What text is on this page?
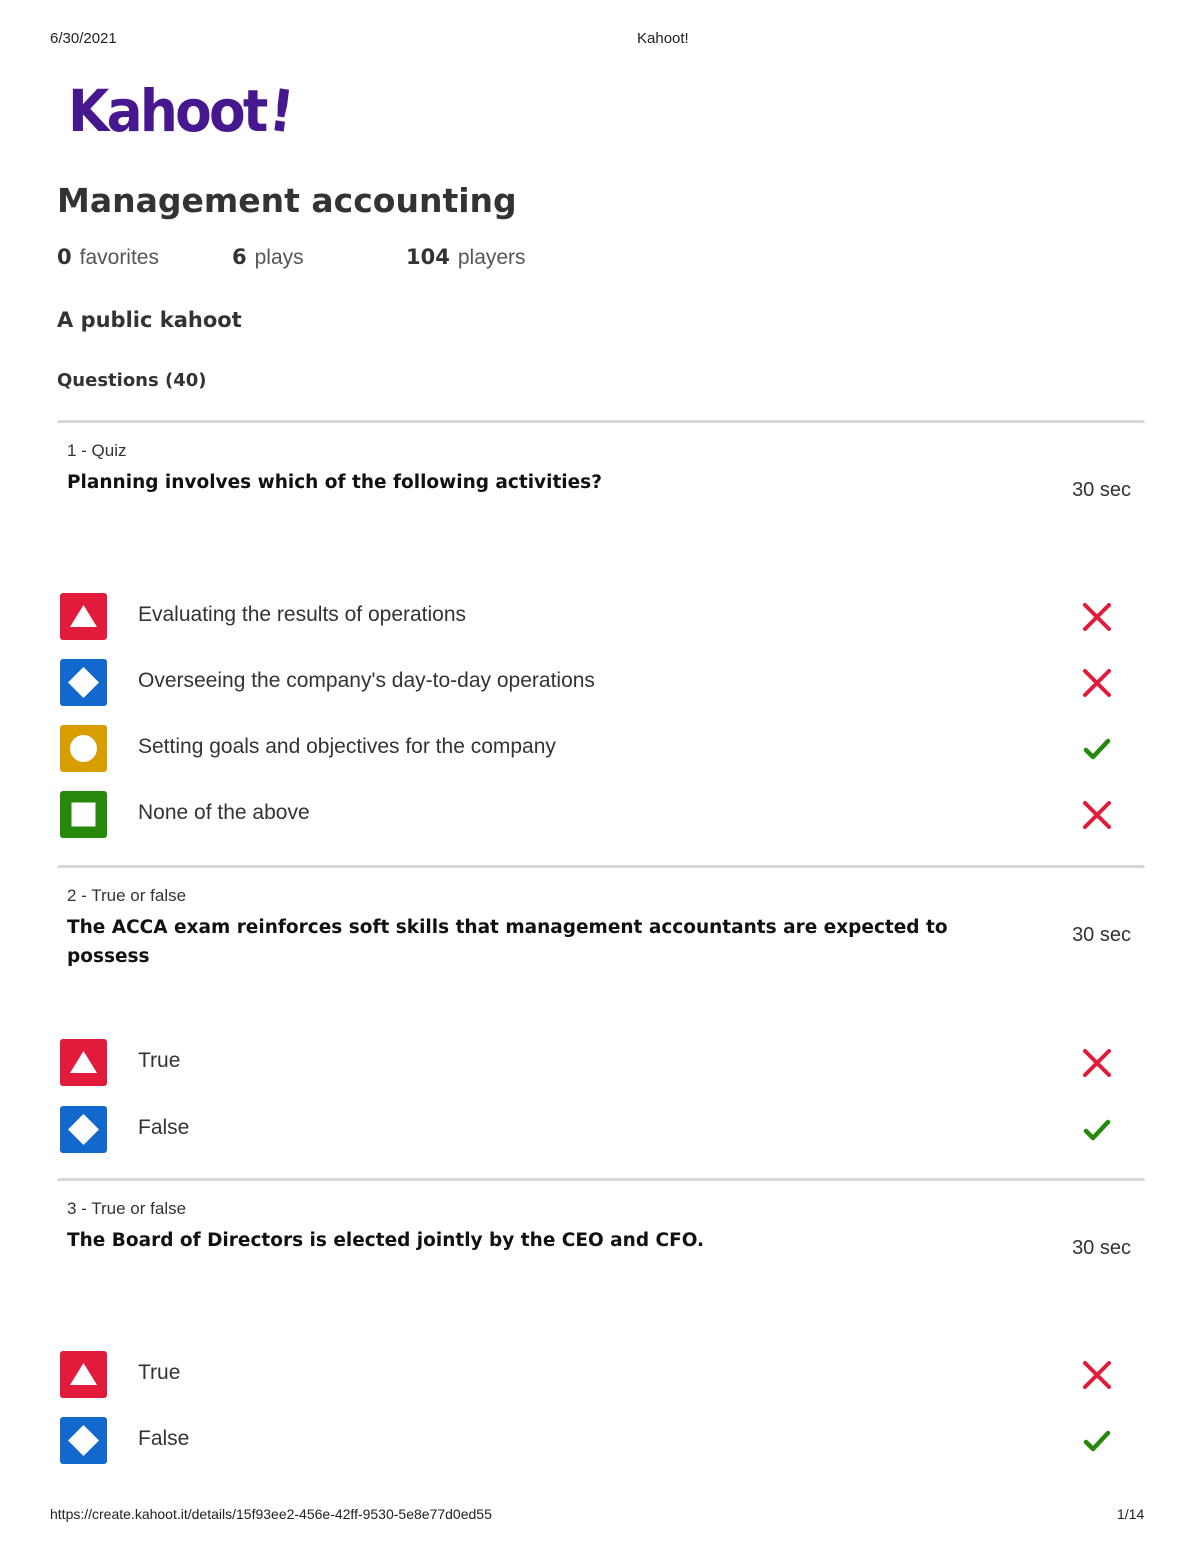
6/30/2021	Kahoot!
Kahoot!
Management accounting
0 favorites	6 plays	104 players
A public kahoot
Questions (40)
1 - Quiz
Planning involves which of the following activities?	30 sec
Evaluating the results of operations
Overseeing the company's day-to-day operations
Setting goals and objectives for the company
None of the above
2 - True or false
The ACCA exam reinforces soft skills that management accountants are expected to possess
30 sec
True
False
3 - True or false
The Board of Directors is elected jointly by the CEO and CFO.	30 sec
True
False
https://create.kahoot.it/details/15f93ee2-456e-42ff-9530-5e8e77d0ed55	1/14
